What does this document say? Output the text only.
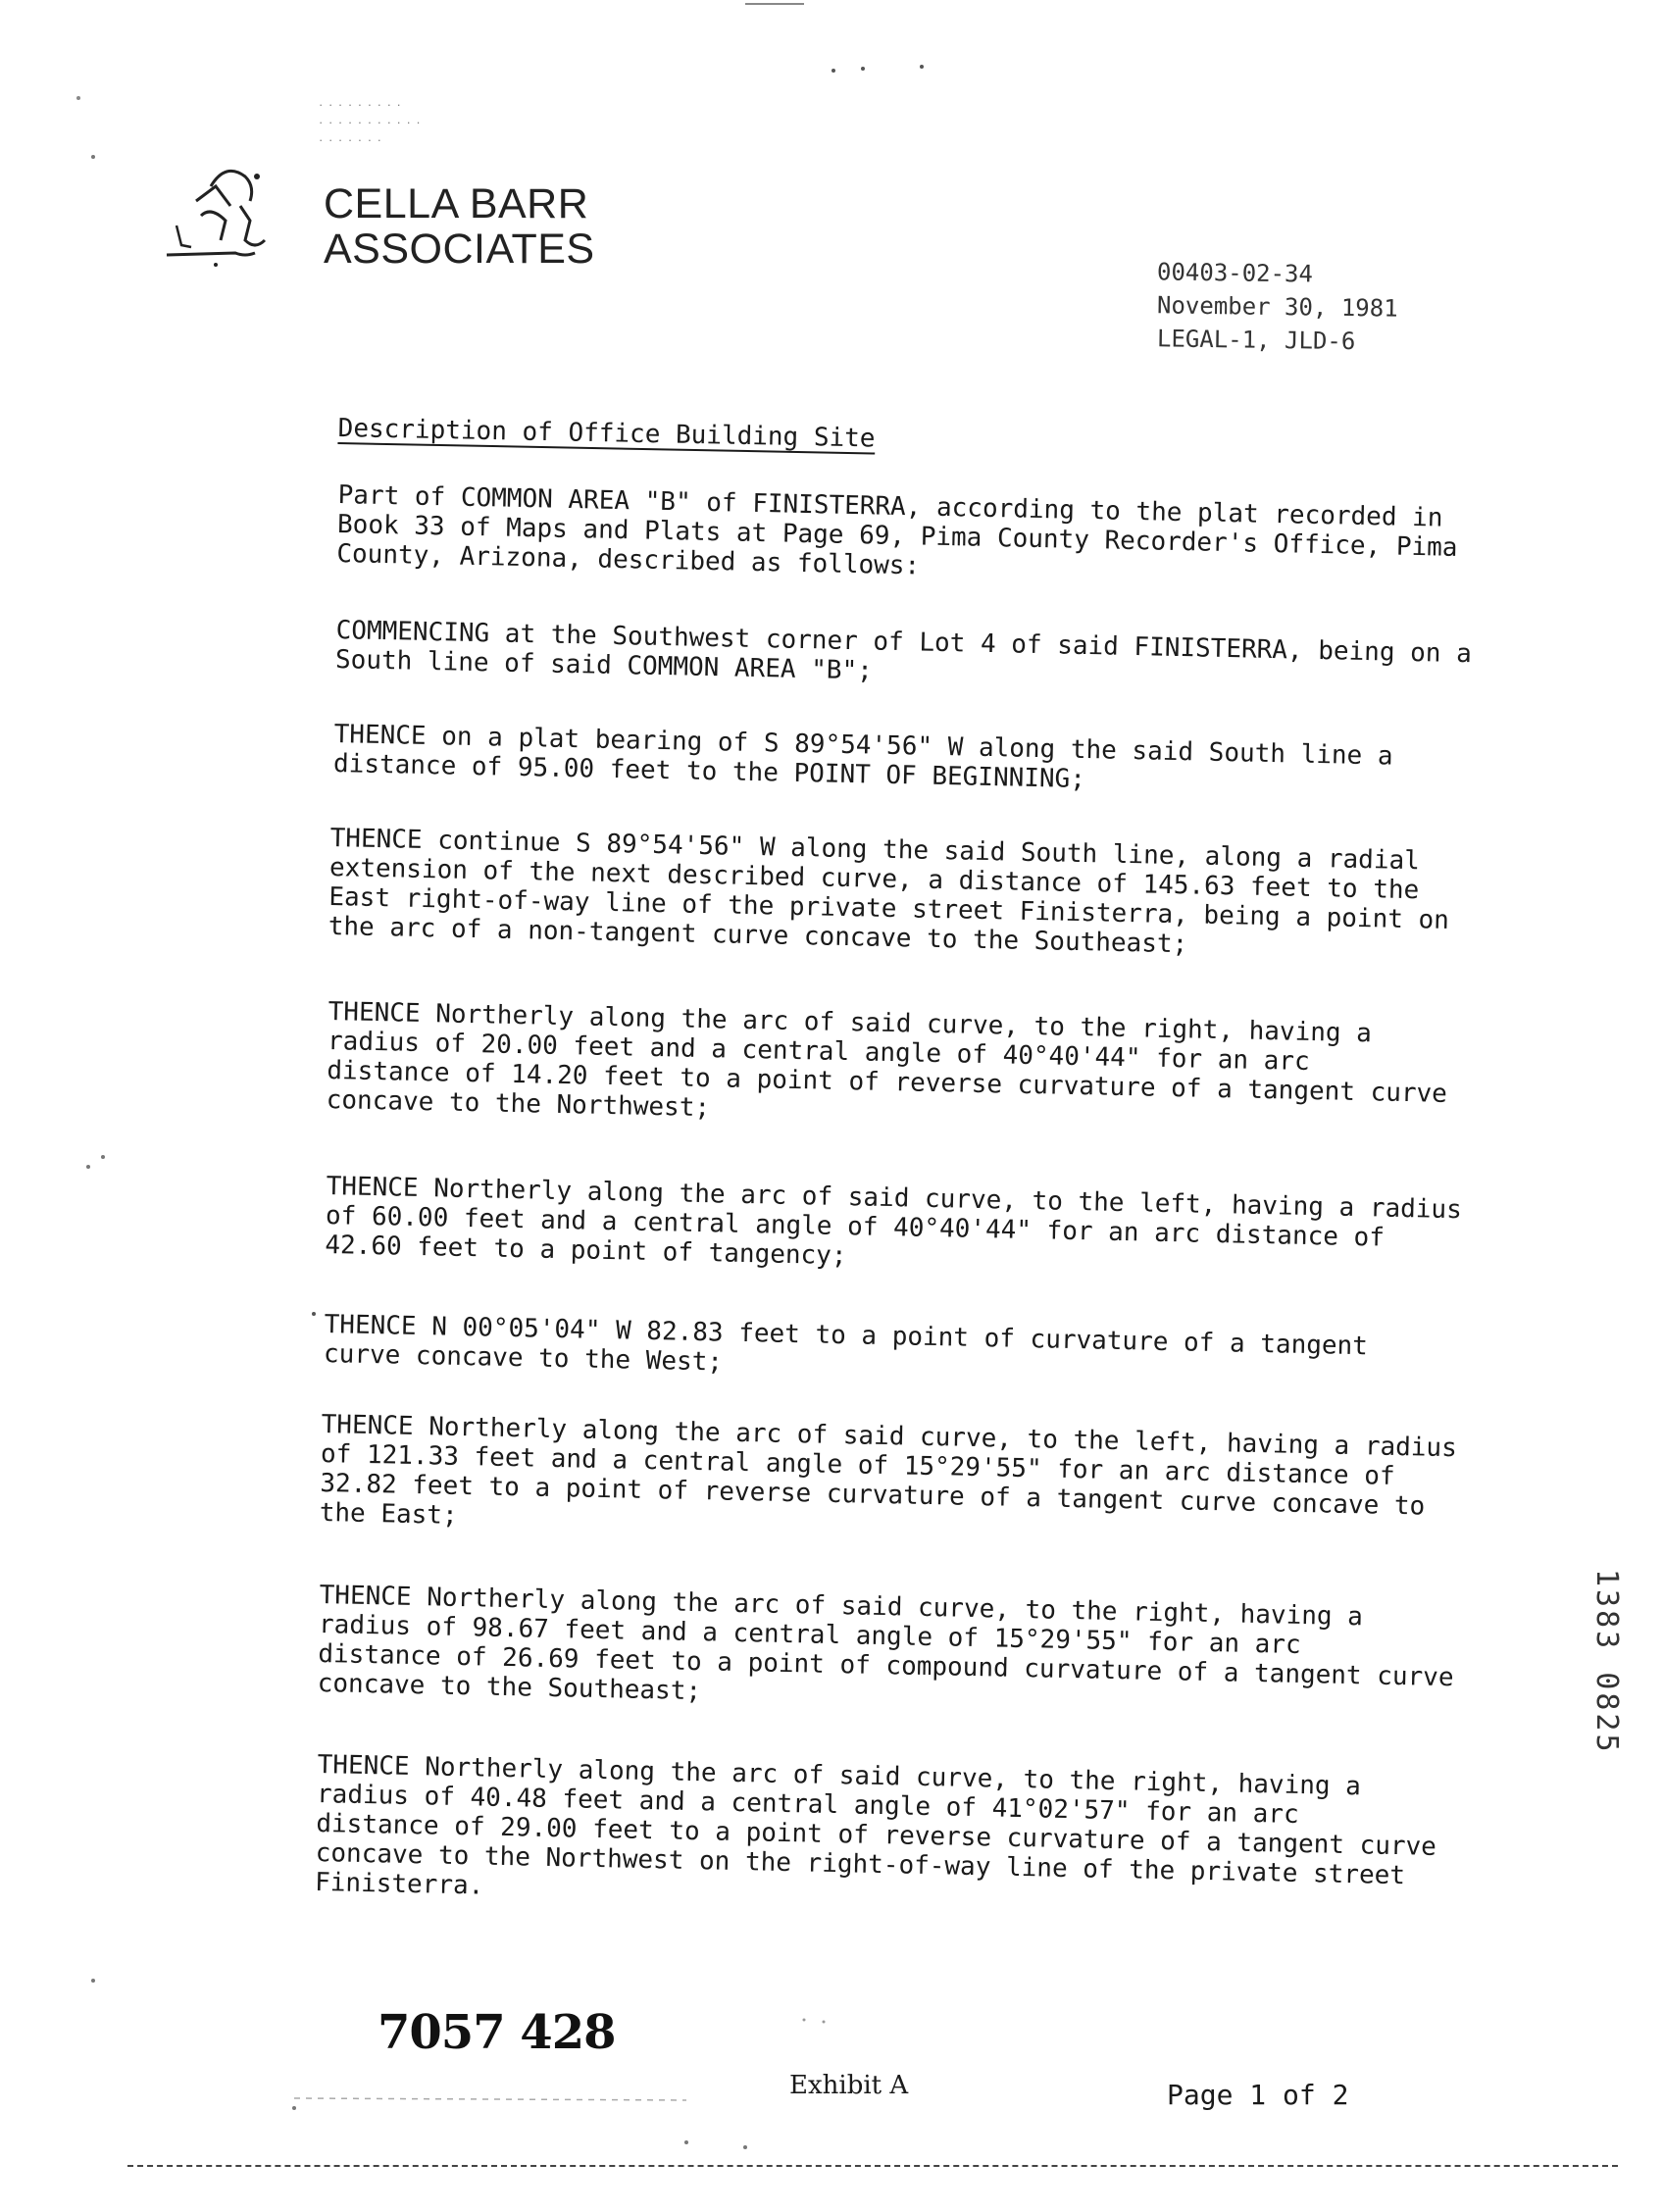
· · · · · · · · ·
· · · · · · · · · · ·
· · · · · · ·
CELLA BARR
ASSOCIATES
00403-02-34
November 30, 1981
LEGAL-1, JLD-6
Description of Office Building Site
Part of COMMON AREA "B" of FINISTERRA, according to the plat recorded in
Book 33 of Maps and Plats at Page 69, Pima County Recorder's Office, Pima
County, Arizona, described as follows:
COMMENCING at the Southwest corner of Lot 4 of said FINISTERRA, being on a
South line of said COMMON AREA "B";
THENCE on a plat bearing of S 89°54'56" W along the said South line a
distance of 95.00 feet to the POINT OF BEGINNING;
THENCE continue S 89°54'56" W along the said South line, along a radial
extension of the next described curve, a distance of 145.63 feet to the
East right-of-way line of the private street Finisterra, being a point on
the arc of a non-tangent curve concave to the Southeast;
THENCE Northerly along the arc of said curve, to the right, having a
radius of 20.00 feet and a central angle of 40°40'44" for an arc
distance of 14.20 feet to a point of reverse curvature of a tangent curve
concave to the Northwest;
THENCE Northerly along the arc of said curve, to the left, having a radius
of 60.00 feet and a central angle of 40°40'44" for an arc distance of
42.60 feet to a point of tangency;
THENCE N 00°05'04" W 82.83 feet to a point of curvature of a tangent
curve concave to the West;
THENCE Northerly along the arc of said curve, to the left, having a radius
of 121.33 feet and a central angle of 15°29'55" for an arc distance of
32.82 feet to a point of reverse curvature of a tangent curve concave to
the East;
THENCE Northerly along the arc of said curve, to the right, having a
radius of 98.67 feet and a central angle of 15°29'55" for an arc
distance of 26.69 feet to a point of compound curvature of a tangent curve
concave to the Southeast;
THENCE Northerly along the arc of said curve, to the right, having a
radius of 40.48 feet and a central angle of 41°02'57" for an arc
distance of 29.00 feet to a point of reverse curvature of a tangent curve
concave to the Northwest on the right-of-way line of the private street
Finisterra.
1383 0825
7057 428
Exhibit A	Page 1 of 2
